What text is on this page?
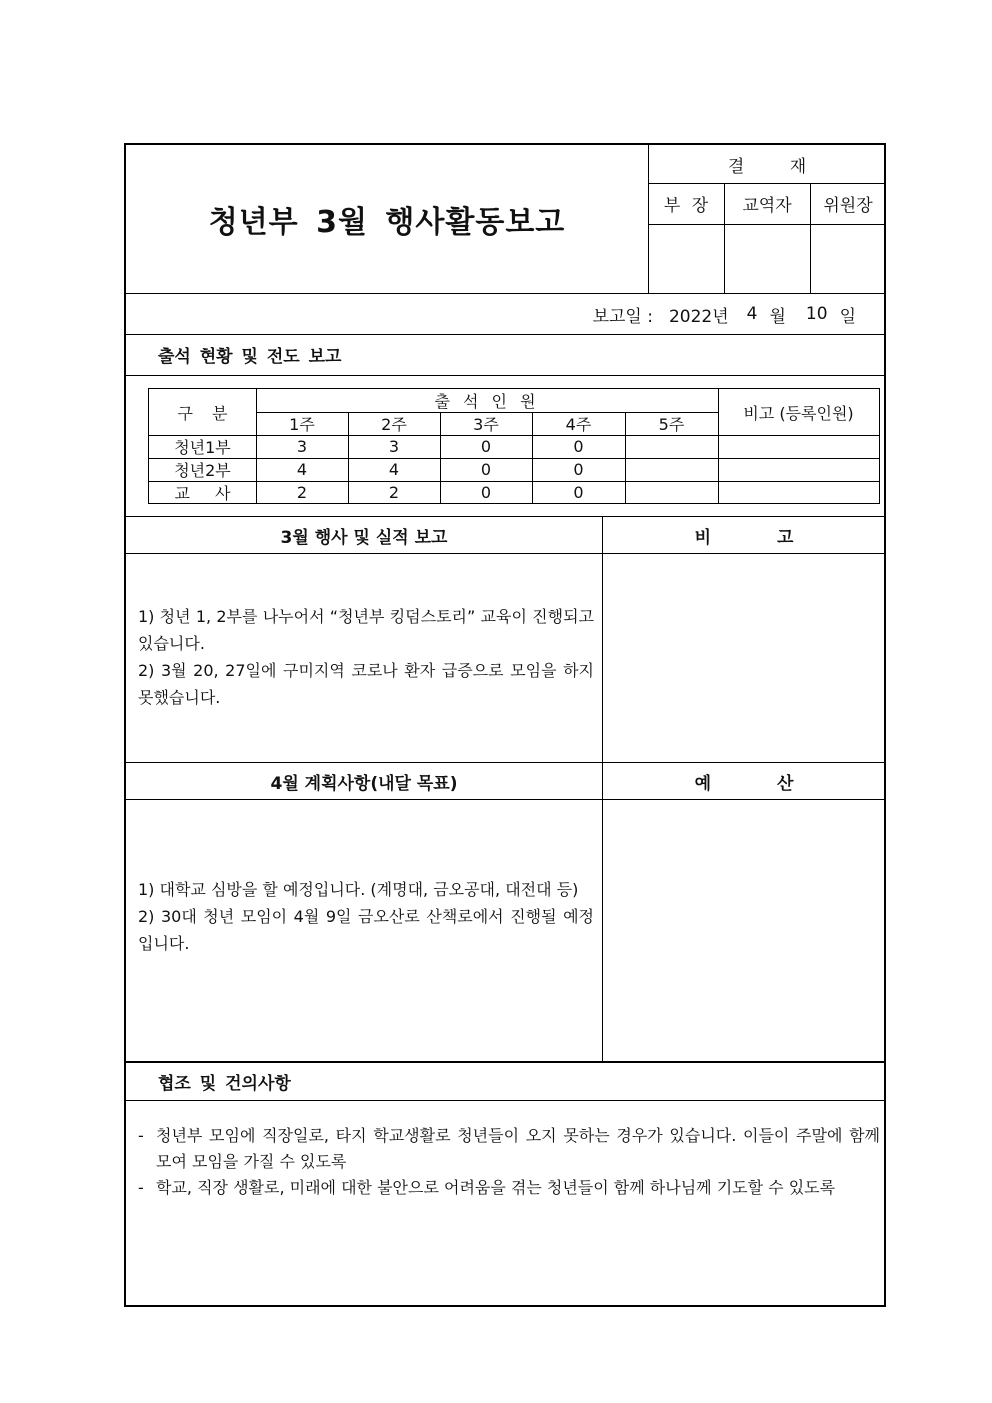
청년부 3월 행사활동보고
결 재
부 장	교역자	위원장
보고일 : 2022년 4 월 10 일
출석 현황 및 전도 보고
구 분
출 석 인 원
비고 (등록인원)
1주	2주	3주	4주	5주
청년1부	3	3	0	0
청년2부	4	4	0	0
교 사	2	2	0	0
3월 행사 및 실적 보고	비 고

1) 청년 1, 2부를 나누어서 “청년부 킹덤스토리” 교육이 진행되고 있습니다.

2) 3월 20, 27일에 구미지역 코로나 환자 급증으로 모임을 하지 못했습니다.

4월 계획사항(내달 목표)	예 산

1) 대학교 심방을 할 예정입니다. (계명대, 금오공대, 대전대 등)

2) 30대 청년 모임이 4월 9일 금오산로 산책로에서 진행될 예정입니다.

협조 및 건의사항
- 청년부 모임에 직장일로, 타지 학교생활로 청년들이 오지 못하는 경우가 있습니다. 이들이 주말에 함께 모여 모임을 가질 수 있도록
- 학교, 직장 생활로, 미래에 대한 불안으로 어려움을 겪는 청년들이 함께 하나님께 기도할 수 있도록
